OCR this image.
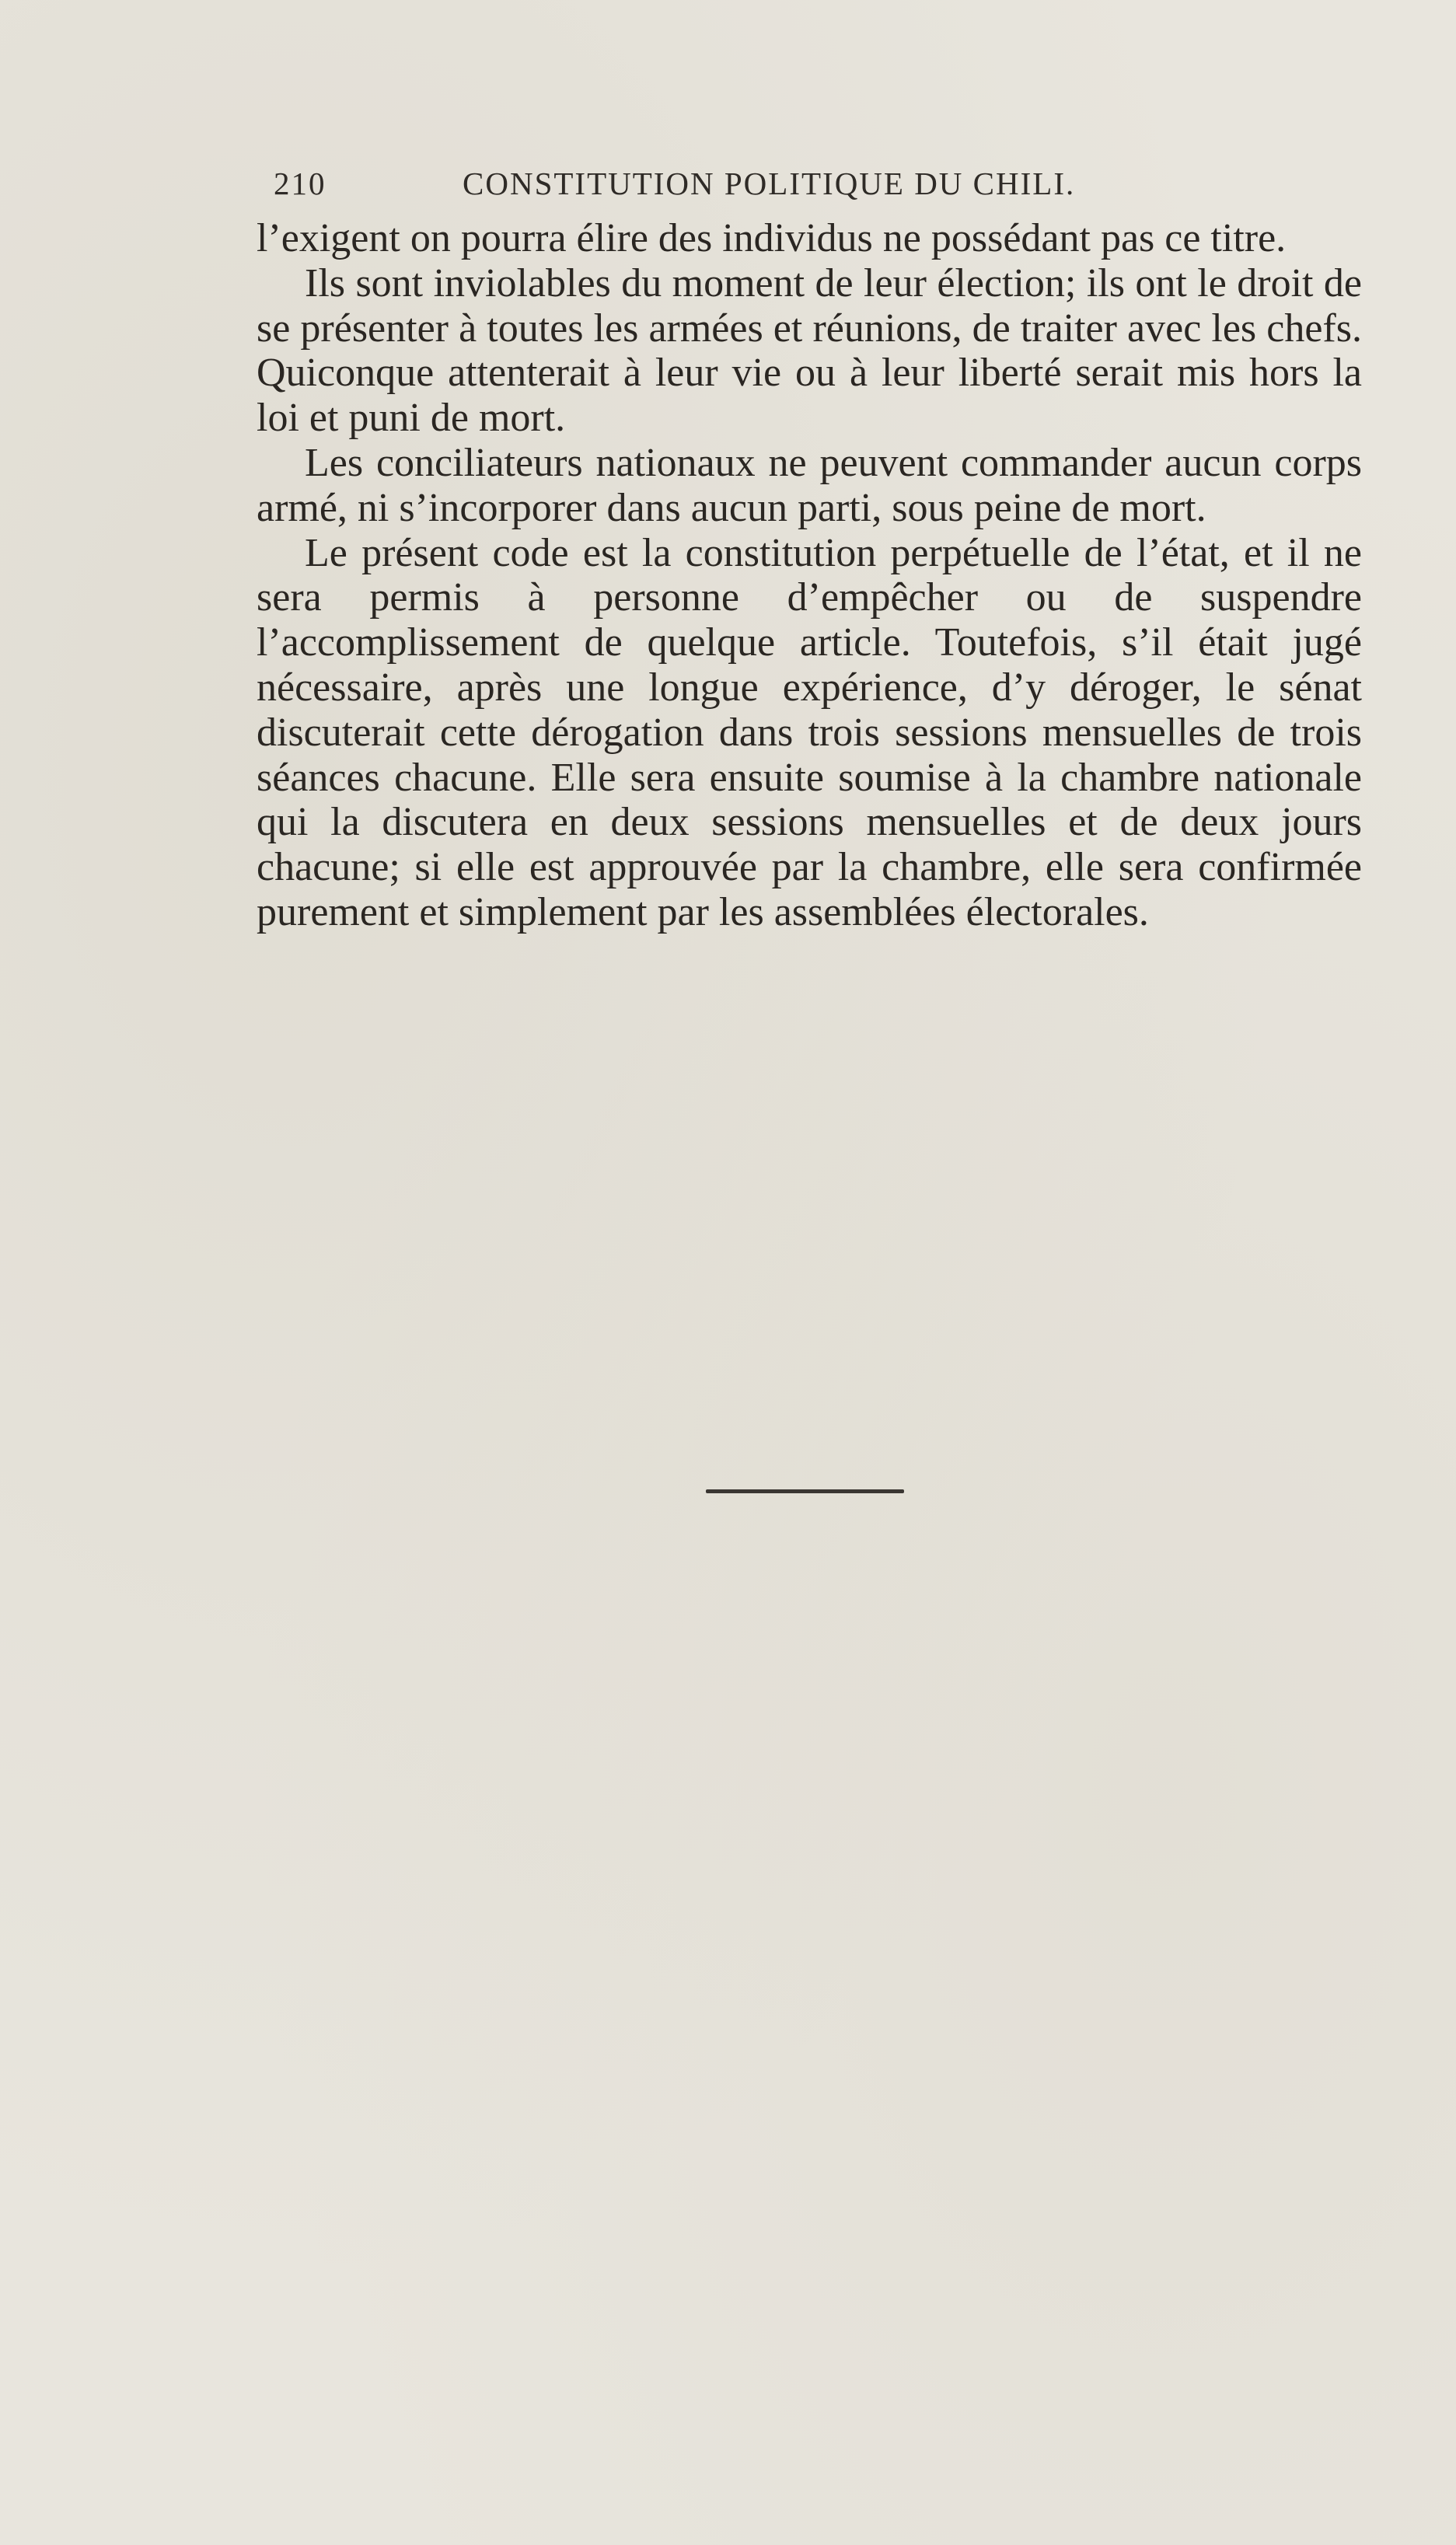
210	CONSTITUTION POLITIQUE DU CHILI.

l’exigent on pourra élire des individus ne possédant pas ce titre.

Ils sont inviolables du moment de leur élection; ils ont le droit de se présenter à toutes les armées et réunions, de traiter avec les chefs. Quiconque attenterait à leur vie ou à leur liberté serait mis hors la loi et puni de mort.

Les conciliateurs nationaux ne peuvent commander aucun corps armé, ni s’incorporer dans aucun parti, sous peine de mort.

Le présent code est la constitution perpétuelle de l’état, et il ne sera permis à personne d’empêcher ou de suspendre l’accomplissement de quelque article. Toutefois, s’il était jugé nécessaire, après une longue expérience, d’y déroger, le sénat discuterait cette dérogation dans trois sessions mensuelles de trois séances chacune. Elle sera ensuite soumise à la chambre nationale qui la discutera en deux sessions mensuelles et de deux jours chacune; si elle est approuvée par la chambre, elle sera confirmée purement et simplement par les assemblées électorales.
